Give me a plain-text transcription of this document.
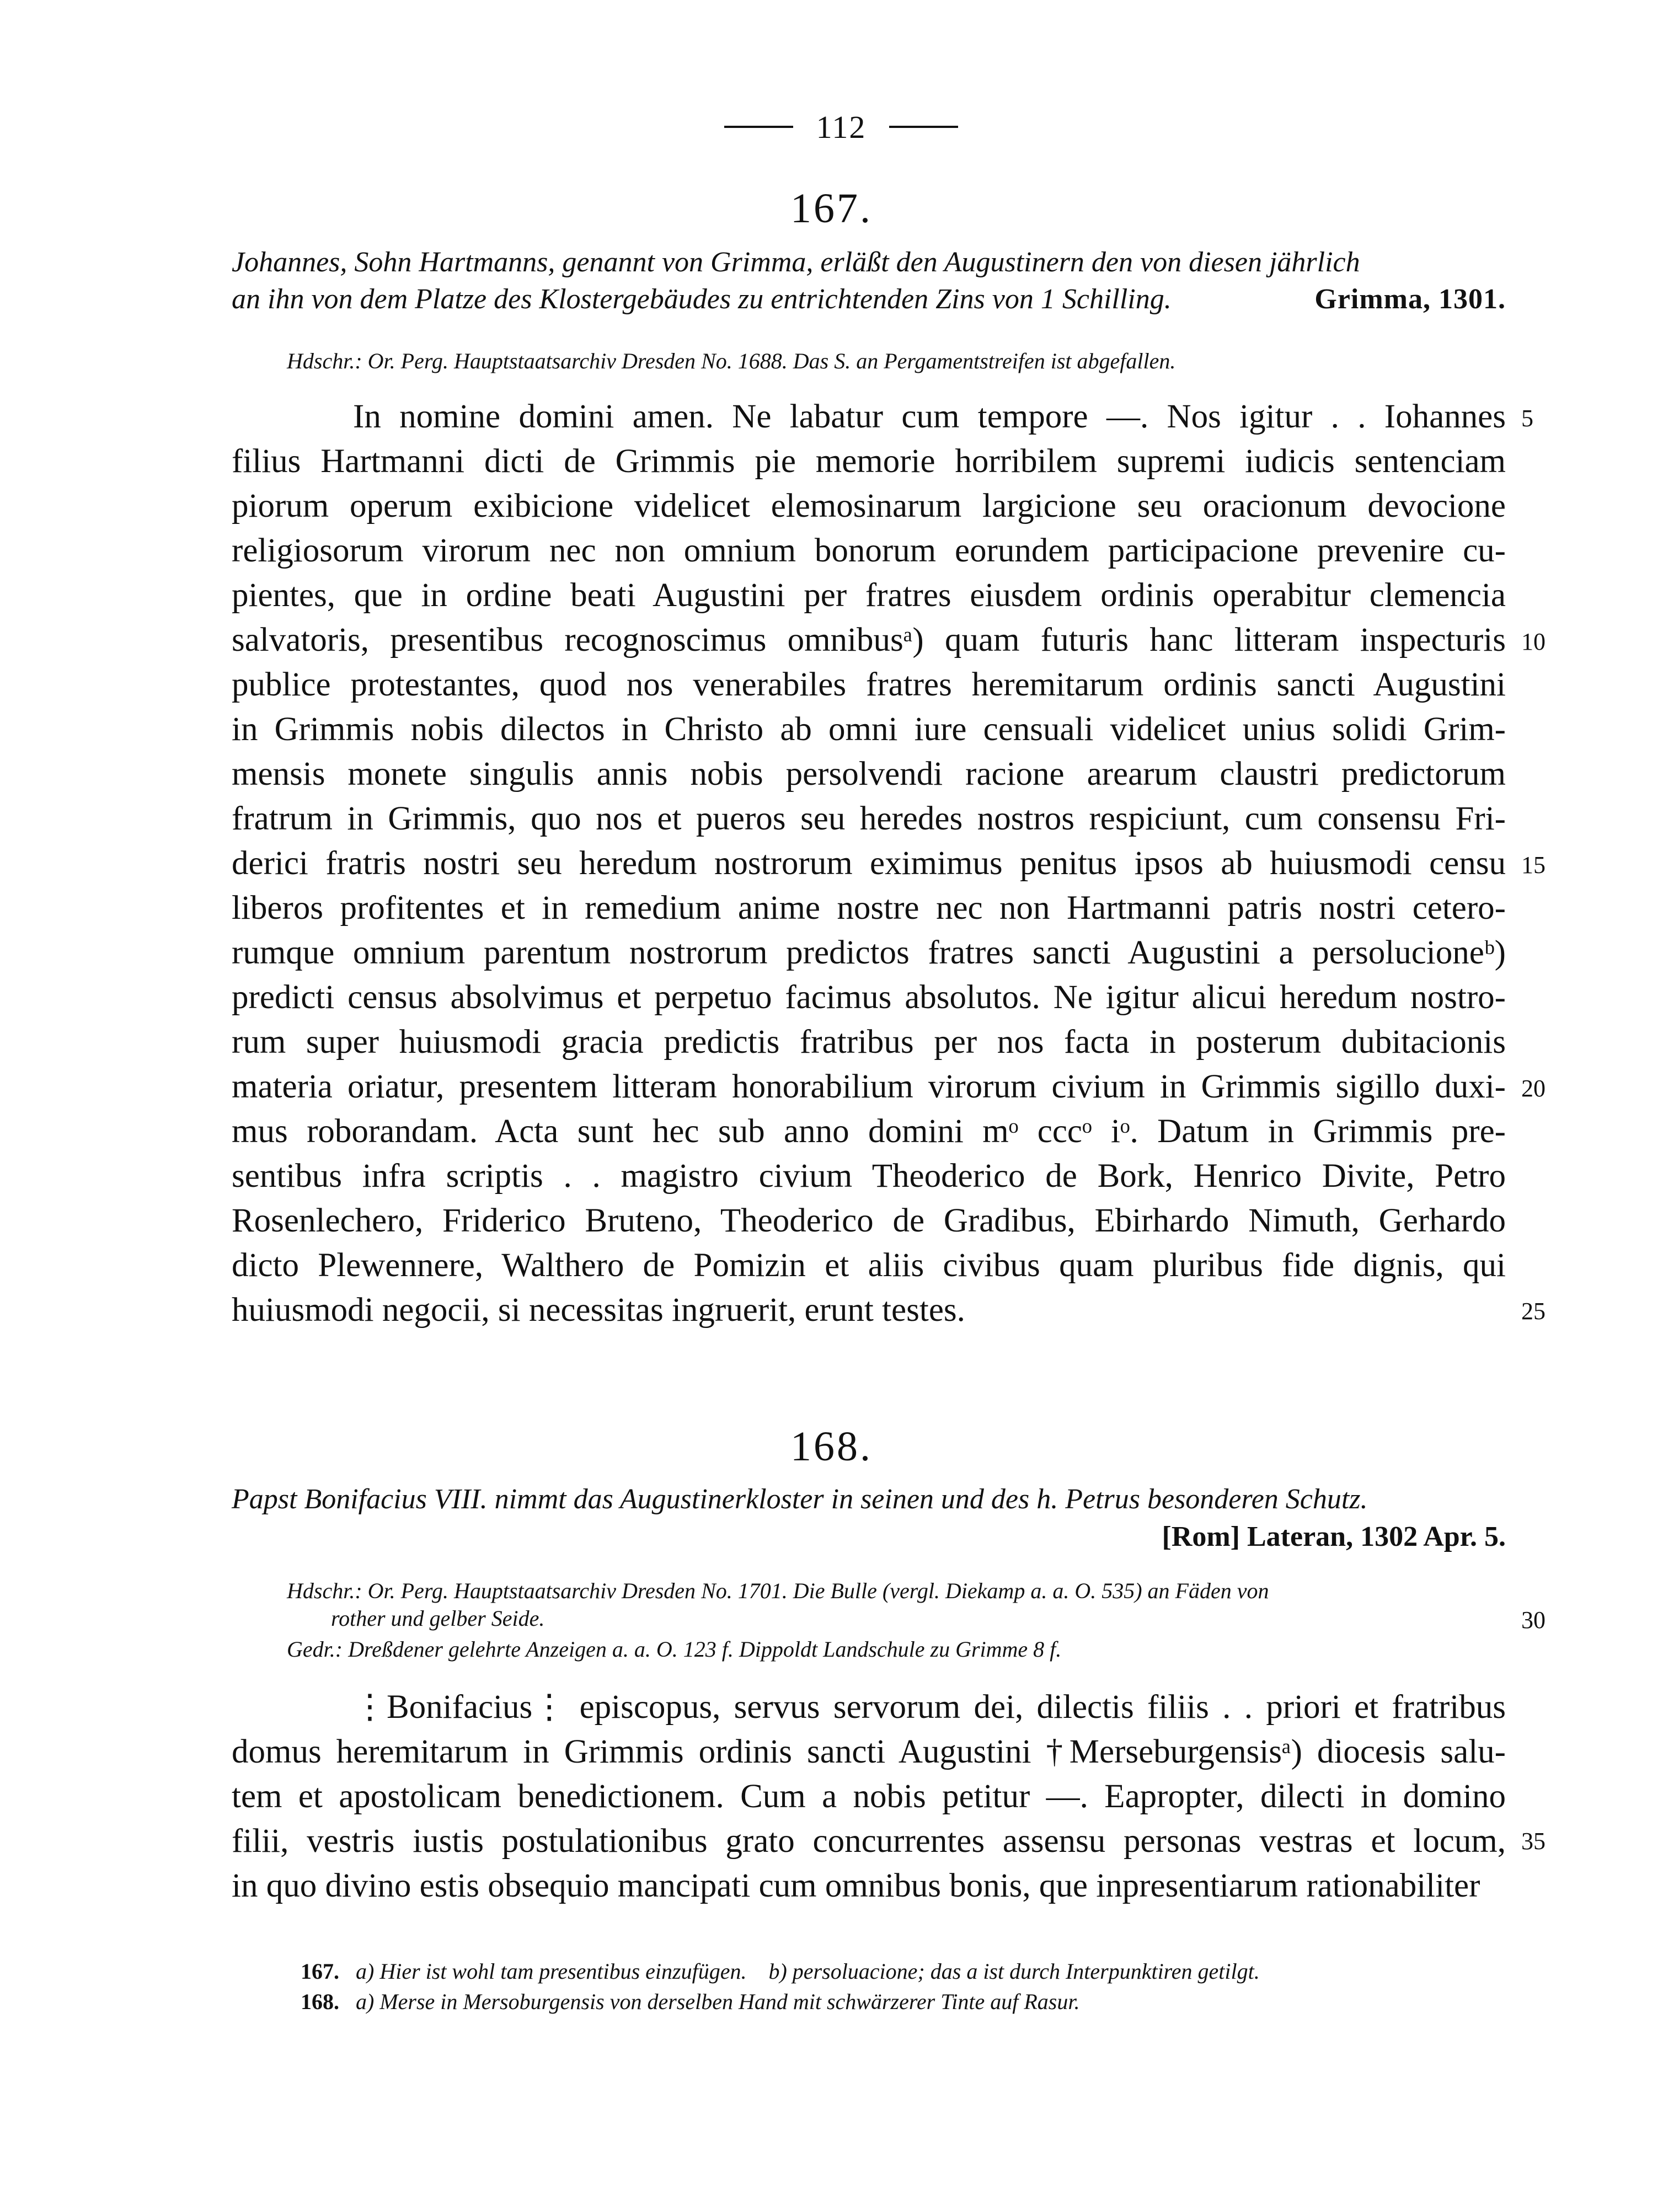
112
167.
Johannes, Sohn Hartmanns, genannt von Grimma, erläßt den Augustinern den von diesen jährlich
an ihn von dem Platze des Klostergebäudes zu entrichtenden Zins von 1 Schilling.	Grimma, 1301.
Hdschr.: Or. Perg. Hauptstaatsarchiv Dresden No. 1688. Das S. an Pergamentstreifen ist abgefallen.
In nomine domini amen. Ne labatur cum tempore —. Nos igitur . . Iohannes
filius Hartmanni dicti de Grimmis pie memorie horribilem supremi iudicis sentenciam
piorum operum exibicione videlicet elemosinarum largicione seu oracionum devocione
religiosorum virorum nec non omnium bonorum eorundem participacione prevenire cu-
pientes, que in ordine beati Augustini per fratres eiusdem ordinis operabitur clemencia
salvatoris, presentibus recognoscimus omnibusᵃ) quam futuris hanc litteram inspecturis
publice protestantes, quod nos venerabiles fratres heremitarum ordinis sancti Augustini
in Grimmis nobis dilectos in Christo ab omni iure censuali videlicet unius solidi Grim-
mensis monete singulis annis nobis persolvendi racione arearum claustri predictorum
fratrum in Grimmis, quo nos et pueros seu heredes nostros respiciunt, cum consensu Fri-
derici fratris nostri seu heredum nostrorum eximimus penitus ipsos ab huiusmodi censu
liberos profitentes et in remedium anime nostre nec non Hartmanni patris nostri cetero-
rumque omnium parentum nostrorum predictos fratres sancti Augustini a persolucioneᵇ)
predicti census absolvimus et perpetuo facimus absolutos. Ne igitur alicui heredum nostro-
rum super huiusmodi gracia predictis fratribus per nos facta in posterum dubitacionis
materia oriatur, presentem litteram honorabilium virorum civium in Grimmis sigillo duxi-
mus roborandam. Acta sunt hec sub anno domini mᵒ cccᵒ iᵒ. Datum in Grimmis pre-
sentibus infra scriptis . . magistro civium Theoderico de Bork, Henrico Divite, Petro
Rosenlechero, Friderico Bruteno, Theoderico de Gradibus, Ebirhardo Nimuth, Gerhardo
dicto Plewennere, Walthero de Pomizin et aliis civibus quam pluribus fide dignis, qui
huiusmodi negocii, si necessitas ingruerit, erunt testes.
168.
Papst Bonifacius VIII. nimmt das Augustinerkloster in seinen und des h. Petrus besonderen Schutz.
[Rom] Lateran, 1302 Apr. 5.
Hdschr.: Or. Perg. Hauptstaatsarchiv Dresden No. 1701. Die Bulle (vergl. Diekamp a. a. O. 535) an Fäden von
rother und gelber Seide.
Gedr.: Dreßdener gelehrte Anzeigen a. a. O. 123 f. Dippoldt Landschule zu Grimme 8 f.
⋮Bonifacius⋮ episcopus, servus servorum dei, dilectis filiis . . priori et fratribus
domus heremitarum in Grimmis ordinis sancti Augustini †Merseburgensisᵃ) diocesis salu-
tem et apostolicam benedictionem. Cum a nobis petitur —. Eapropter, dilecti in domino
filii, vestris iustis postulationibus grato concurrentes assensu personas vestras et locum,
in quo divino estis obsequio mancipati cum omnibus bonis, que inpresentiarum rationabiliter
5
10
15
20
25
30
35
167. a) Hier ist wohl tam presentibus einzufügen. b) persoluacione; das a ist durch Interpunktiren getilgt.
168. a) Merse in Mersoburgensis von derselben Hand mit schwärzerer Tinte auf Rasur.
